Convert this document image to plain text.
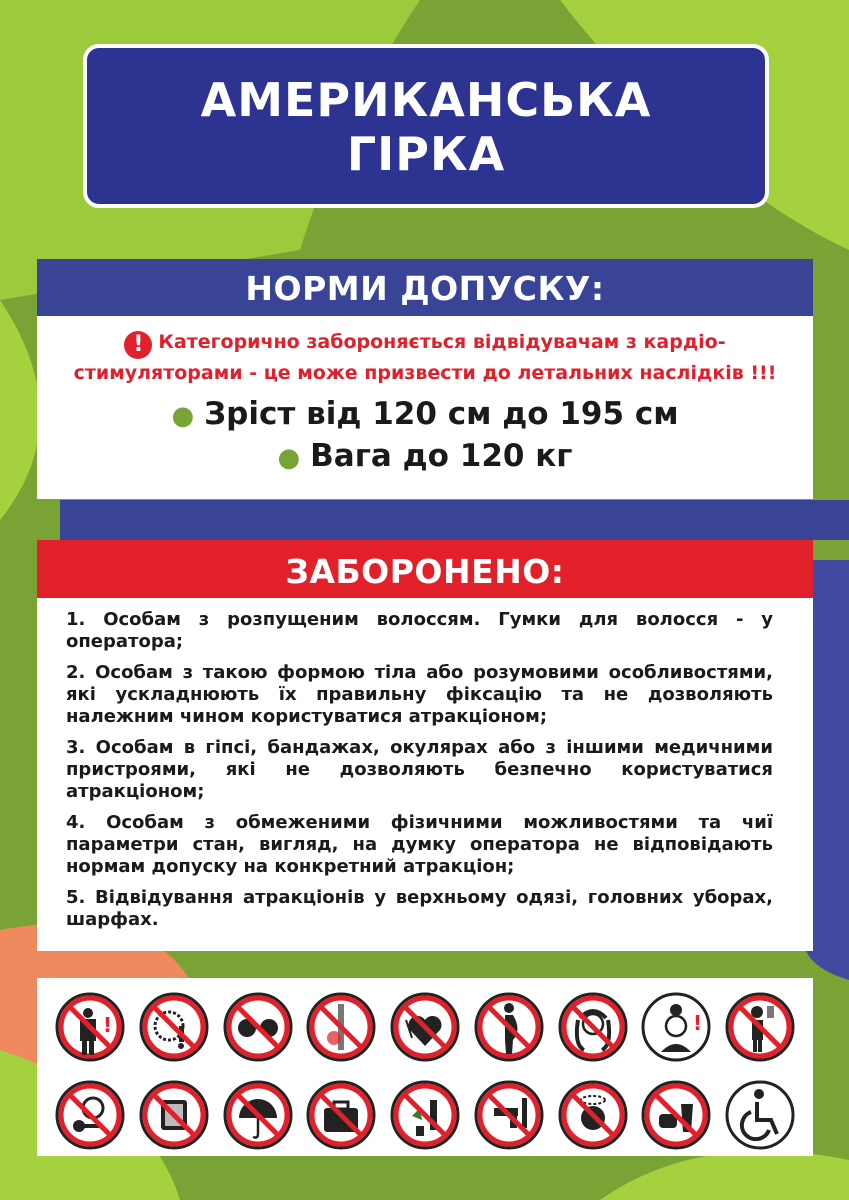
АМЕРИКАНСЬКА
ГІРКА
НОРМИ ДОПУСКУ:
! Категорично забороняється відвідувачам з кардіо-стимуляторами - це може призвести до летальних наслідків !!!
● Зріст від 120 см до 195 см
● Вага до 120 кг
ЗАБОРОНЕНО:
1. Особам з розпущеним волоссям. Гумки для волосся - у оператора;
2. Особам з такою формою тіла або розумовими особливостями, які ускладнюють їх правильну фіксацію та не дозволяють належним чином користуватися атракціоном;
3. Особам в гіпсі, бандажах, окулярах або з іншими медичними пристроями, які не дозволяють безпечно користуватися атракціоном;
4. Особам з обмеженими фізичними можливостями та чиї параметри стан, вигляд, на думку оператора не відповідають нормам допуску на конкретний атракціон;
5. Відвідування атракціонів у верхньому одязі, головних уборах, шарфах.
!	!
